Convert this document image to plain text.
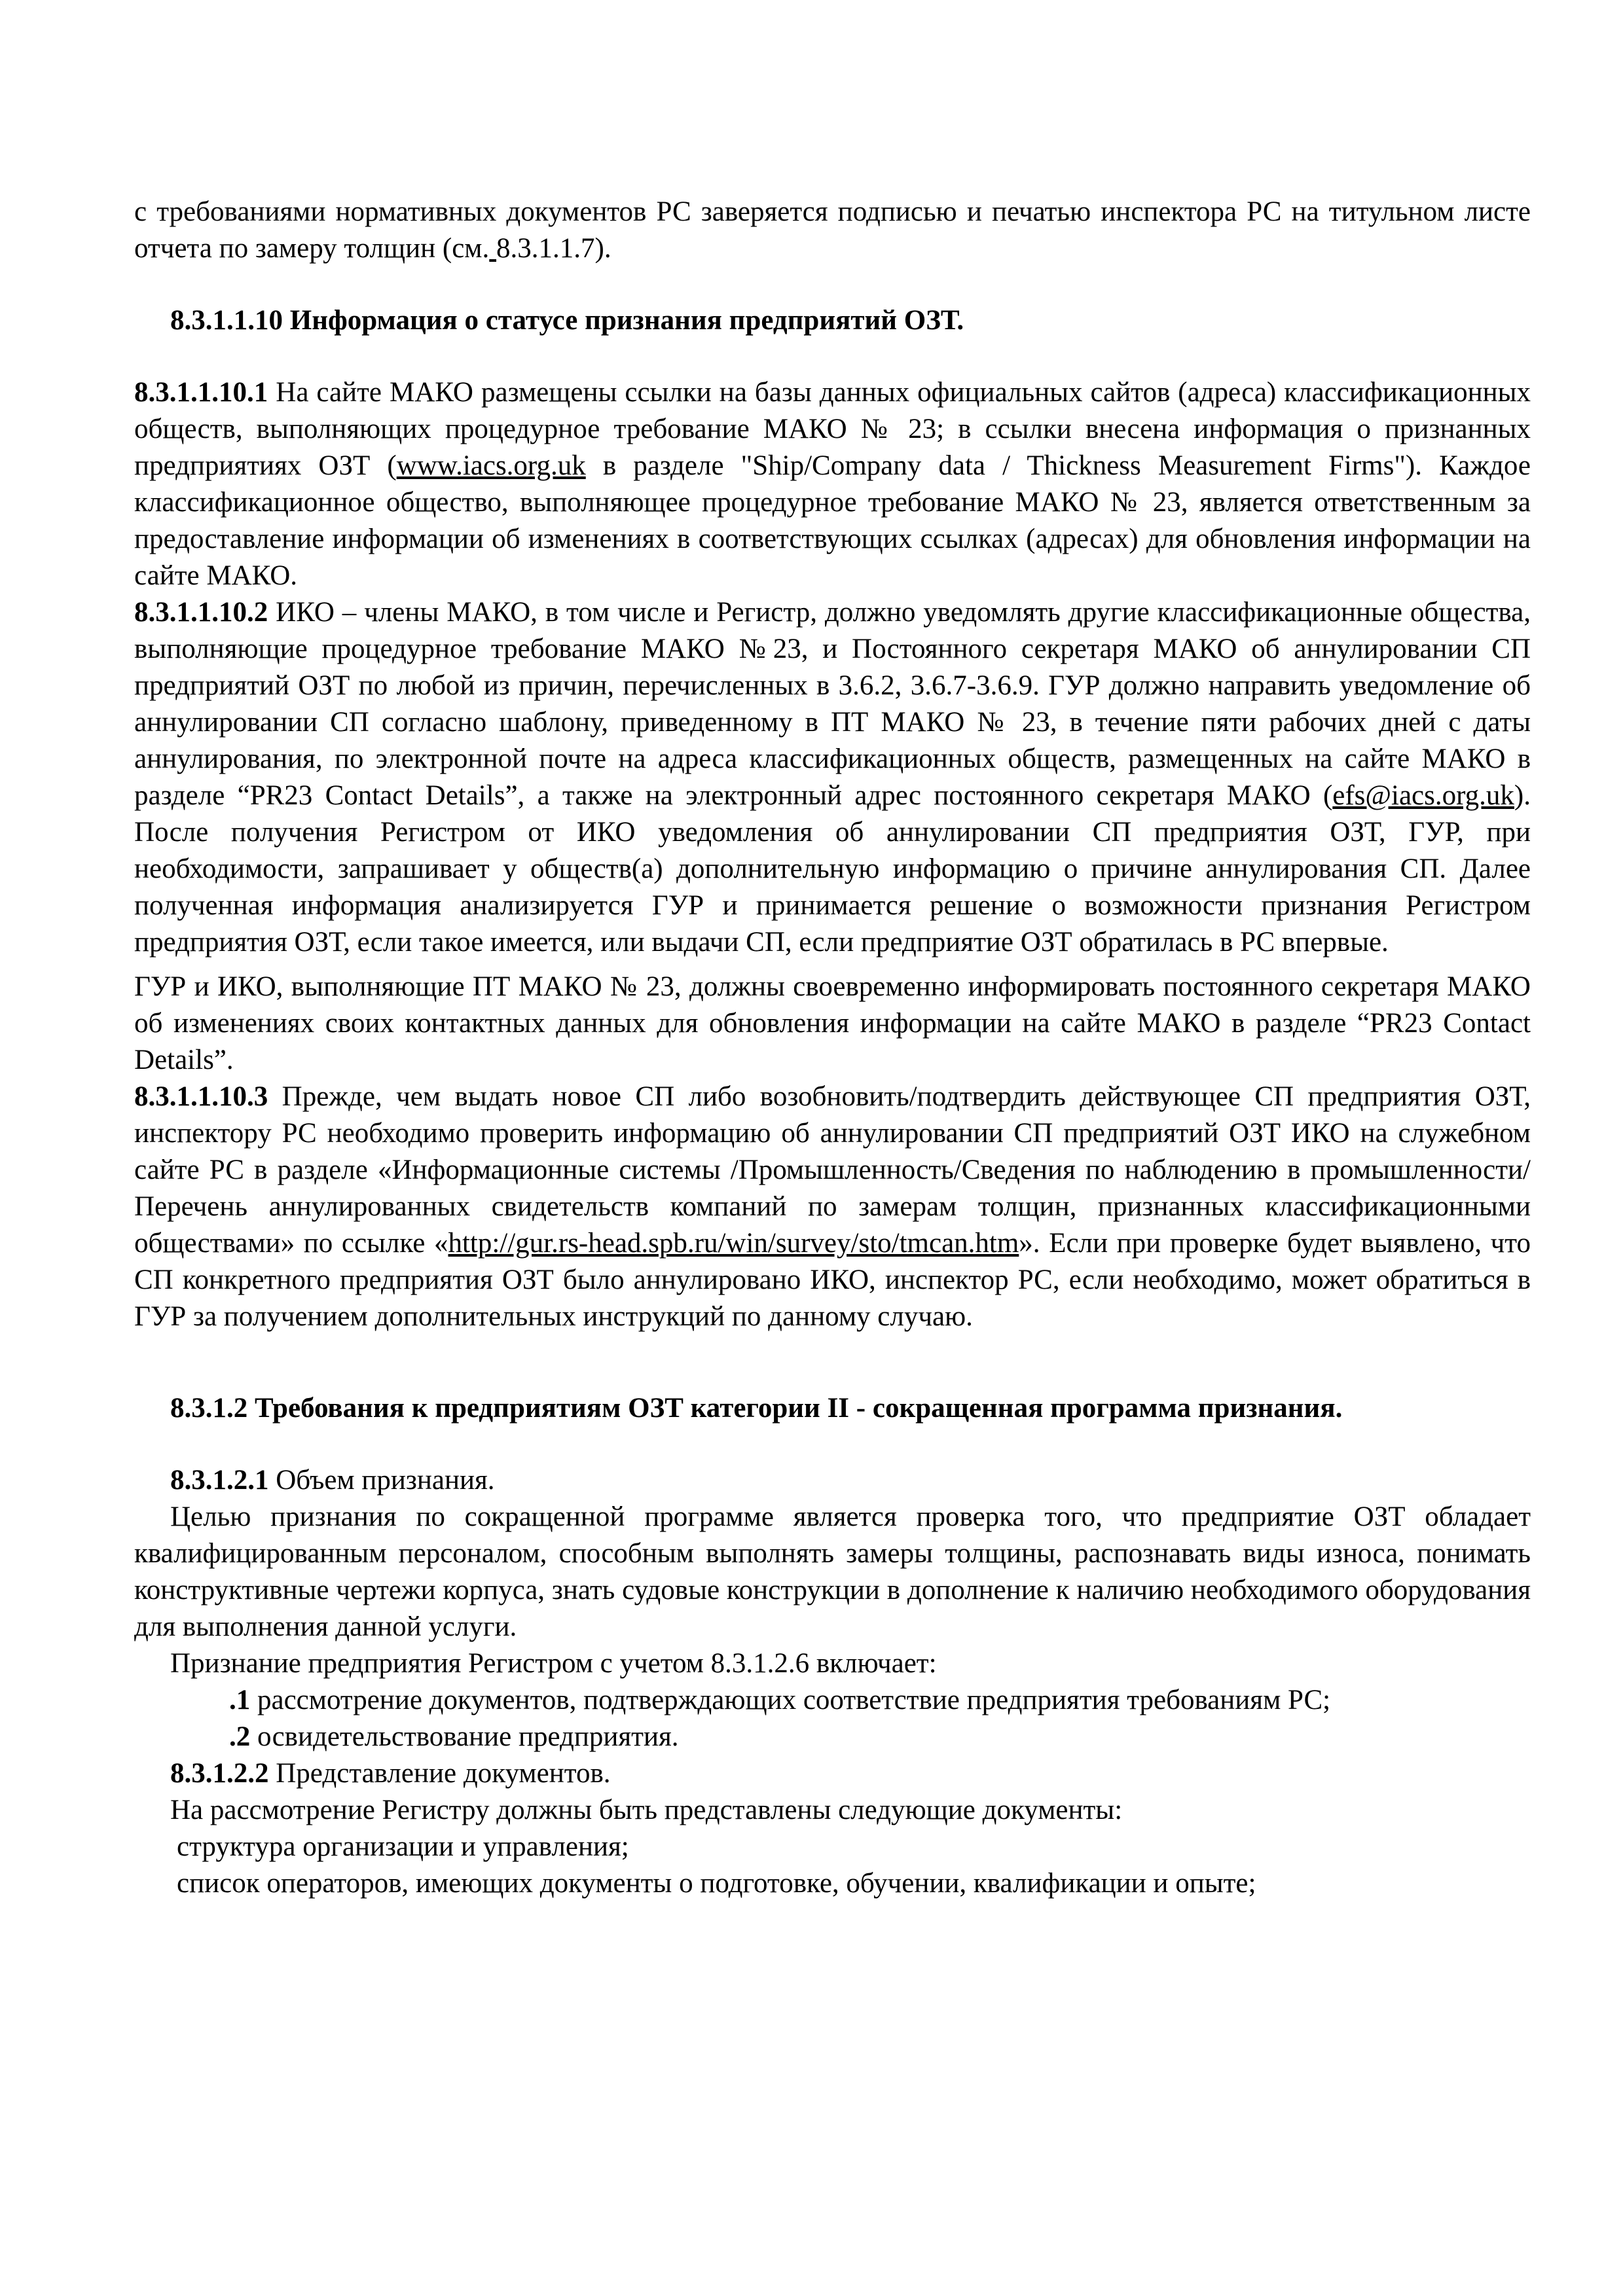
с требованиями нормативных документов РС заверяется подписью и печатью инспектора РС на титульном листе отчета по замеру толщин (см. 8.3.1.1.7).

8.3.1.1.10 Информация о статусе признания предприятий ОЗТ.

8.3.1.1.10.1 На сайте МАКО размещены ссылки на базы данных официальных сайтов (адреса) классификационных обществ, выполняющих процедурное требование МАКО № 23; в ссылки внесена информация о признанных предприятиях ОЗТ (www.iacs.org.uk в разделе "Ship/Company data / Thickness Measurement Firms"). Каждое классификационное общество, выполняющее процедурное требование МАКО № 23, является ответственным за предоставление информации об изменениях в соответствующих ссылках (адресах) для обновления информации на сайте МАКО.

8.3.1.1.10.2 ИКО – члены МАКО, в том числе и Регистр, должно уведомлять другие классификационные общества, выполняющие процедурное требование МАКО №23, и Постоянного секретаря МАКО об аннулировании СП предприятий ОЗТ по любой из причин, перечисленных в 3.6.2, 3.6.7-3.6.9. ГУР должно направить уведомление об аннулировании СП согласно шаблону, приведенному в ПТ МАКО № 23, в течение пяти рабочих дней с даты аннулирования, по электронной почте на адреса классификационных обществ, размещенных на сайте МАКО в разделе “PR23 Contact Details”, а также на электронный адрес постоянного секретаря МАКО (efs@iacs.org.uk). После получения Регистром от ИКО уведомления об аннулировании СП предприятия ОЗТ, ГУР, при необходимости, запрашивает у обществ(а) дополнительную информацию о причине аннулирования СП. Далее полученная информация анализируется ГУР и принимается решение о возможности признания Регистром предприятия ОЗТ, если такое имеется, или выдачи СП, если предприятие ОЗТ обратилась в РС впервые.

ГУР и ИКО, выполняющие ПТ МАКО № 23, должны своевременно информировать постоянного секретаря МАКО об изменениях своих контактных данных для обновления информации на сайте МАКО в разделе “PR23 Contact Details”.

8.3.1.1.10.3 Прежде, чем выдать новое СП либо возобновить/подтвердить действующее СП предприятия ОЗТ, инспектору РС необходимо проверить информацию об аннулировании СП предприятий ОЗТ ИКО на служебном сайте РС в разделе «Информационные системы /Промышленность/Сведения по наблюдению в промышленности/Перечень аннулированных свидетельств компаний по замерам толщин, признанных классификационными обществами» по ссылке «http://gur.rs-head.spb.ru/win/survey/sto/tmcan.htm». Если при проверке будет выявлено, что СП конкретного предприятия ОЗТ было аннулировано ИКО, инспектор РС, если необходимо, может обратиться в ГУР за получением дополнительных инструкций по данному случаю.

8.3.1.2 Требования к предприятиям ОЗТ категории II - сокращенная программа признания.

8.3.1.2.1 Объем признания.

Целью признания по сокращенной программе является проверка того, что предприятие ОЗТ обладает квалифицированным персоналом, способным выполнять замеры толщины, распознавать виды износа, понимать конструктивные чертежи корпуса, знать судовые конструкции в дополнение к наличию необходимого оборудования для выполнения данной услуги.

Признание предприятия Регистром с учетом 8.3.1.2.6 включает:

.1 рассмотрение документов, подтверждающих соответствие предприятия требованиям РС;

.2 освидетельствование предприятия.

8.3.1.2.2 Представление документов.

На рассмотрение Регистру должны быть представлены следующие документы:

структура организации и управления;

список операторов, имеющих документы о подготовке, обучении, квалификации и опыте;
